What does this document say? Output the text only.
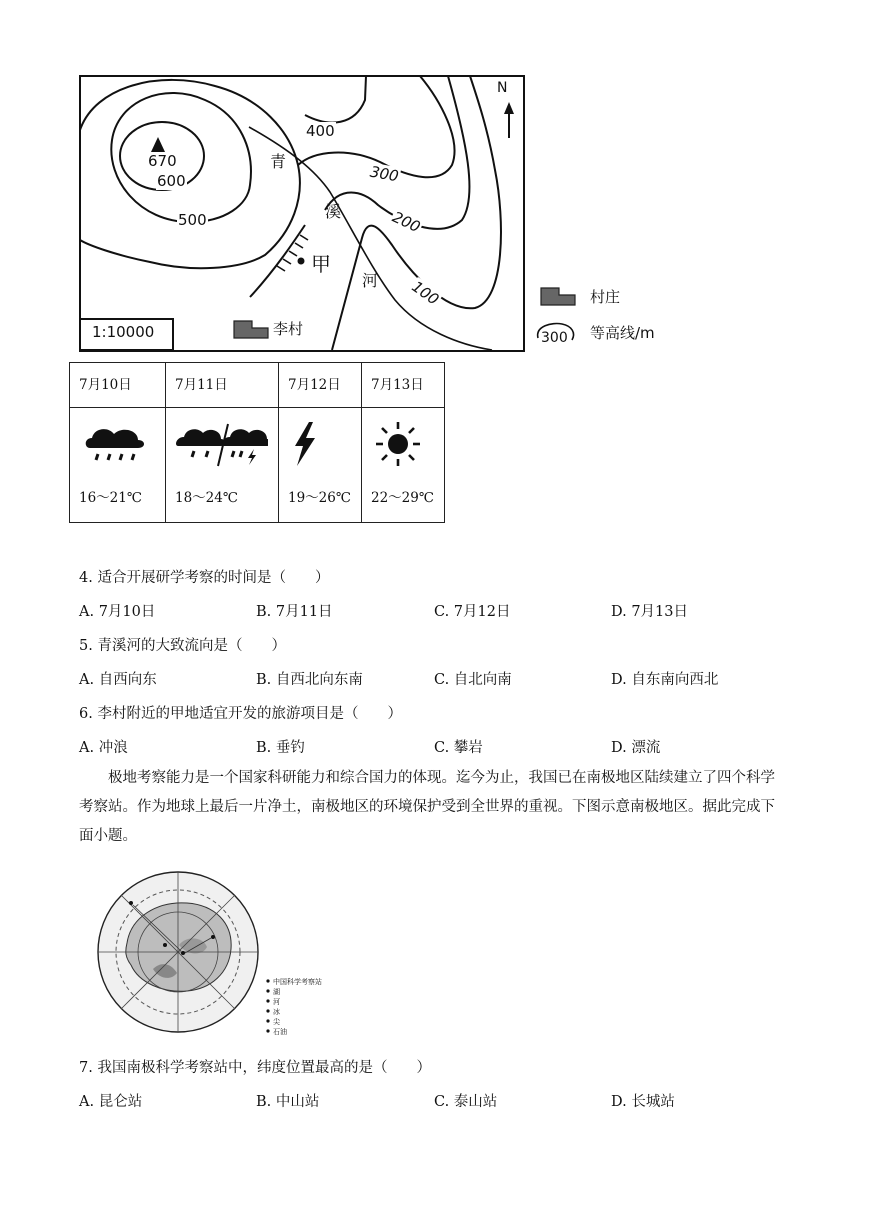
N
670
600
500
400
300
200
100
青
溪
河
甲
李村
1:10000
村庄
300 等高线/m
7月10日	7月11日	7月12日	7月13日

16～21℃	18～24℃	19～26℃	22～29℃
4. 适合开展研学考察的时间是（　　）
A. 7月10日	B. 7月11日	C. 7月12日	D. 7月13日
5. 青溪河的大致流向是（　　）
A. 自西向东	B. 自西北向东南	C. 自北向南	D. 自东南向西北
6. 李村附近的甲地适宜开发的旅游项目是（　　）
A. 冲浪	B. 垂钓	C. 攀岩	D. 漂流
极地考察能力是一个国家科研能力和综合国力的体现。迄今为止，我国已在南极地区陆续建立了四个科学考察站。作为地球上最后一片净土，南极地区的环境保护受到全世界的重视。下图示意南极地区。据此完成下面小题。
中国科学考察站
湖
河
冰
尖
石油
7. 我国南极科学考察站中，纬度位置最高的是（　　）
A. 昆仑站	B. 中山站	C. 泰山站	D. 长城站
